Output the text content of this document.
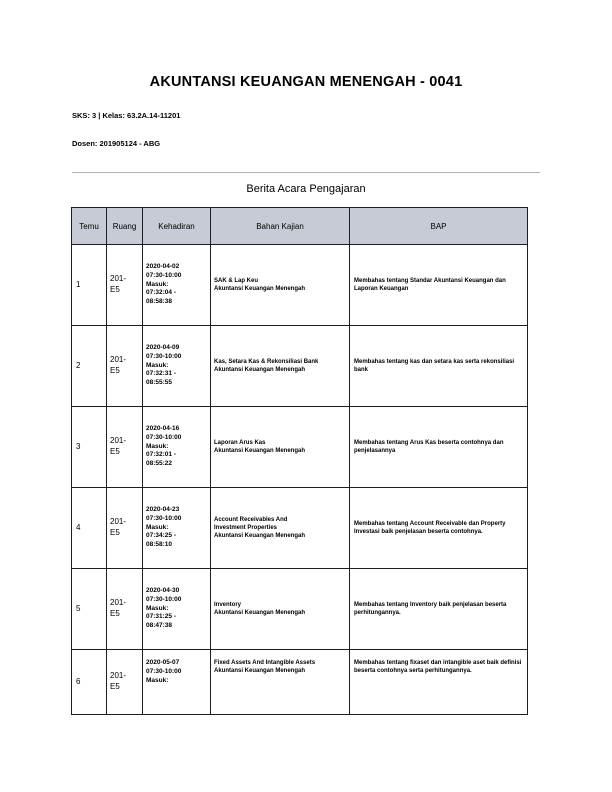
AKUNTANSI KEUANGAN MENENGAH - 0041
SKS: 3 | Kelas: 63.2A.14-11201
Dosen: 201905124 - ABG
Berita Acara Pengajaran
Temu	Ruang	Kehadiran	Bahan Kajian	BAP
1	201-
E5	2020-04-02
07:30-10:00
Masuk:
07:32:04 -
08:58:38	SAK & Lap Keu
Akuntansi Keuangan Menengah	Membahas tentang Standar Akuntansi Keuangan dan Laporan Keuangan
2	201-
E5	2020-04-09
07:30-10:00
Masuk:
07:32:31 -
08:55:55	Kas, Setara Kas & Rekonsiliasi Bank
Akuntansi Keuangan Menengah	Membahas tentang kas dan setara kas serta rekonsiliasi bank
3	201-
E5	2020-04-16
07:30-10:00
Masuk:
07:32:01 -
08:55:22	Laporan Arus Kas
Akuntansi Keuangan Menengah	Membahas tentang Arus Kas beserta contohnya dan penjelasannya
4	201-
E5	2020-04-23
07:30-10:00
Masuk:
07:34:25 -
08:58:10	Account Receivables And
Investment Properties
Akuntansi Keuangan Menengah	Membahas tentang Account Receivable dan Property Investasi baik penjelasan beserta contohnya.
5	201-
E5	2020-04-30
07:30-10:00
Masuk:
07:31:25 -
08:47:38	Inventory
Akuntansi Keuangan Menengah	Membahas tentang Inventory baik penjelasan beserta perhitungannya.
6	201-
E5	2020-05-07
07:30-10:00
Masuk:	Fixed Assets And Intangible Assets
Akuntansi Keuangan Menengah	Membahas tentang fixaset dan intangible aset baik definisi beserta contohnya serta perhitungannya.
